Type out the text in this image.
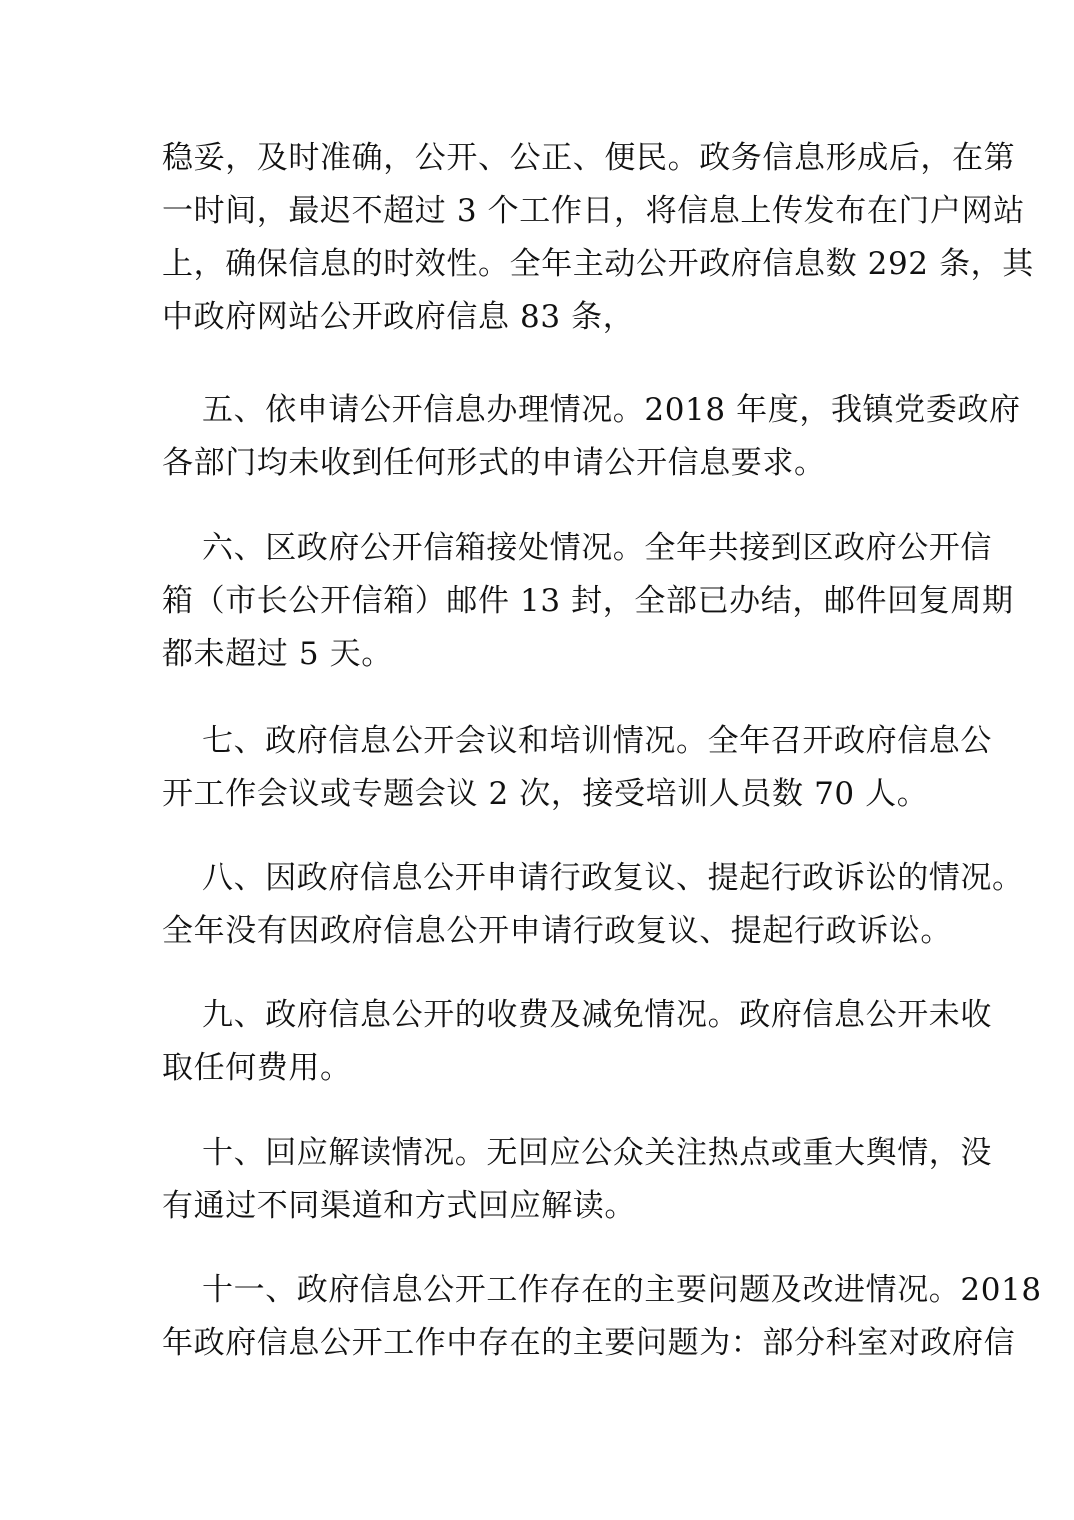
稳妥，及时准确，公开、公正、便民。政务信息形成后，在第
一时间，最迟不超过 3 个工作日，将信息上传发布在门户网站
上，确保信息的时效性。全年主动公开政府信息数 292 条，其
中政府网站公开政府信息 83 条，
五、依申请公开信息办理情况。2018 年度，我镇党委政府
各部门均未收到任何形式的申请公开信息要求。
六、区政府公开信箱接处情况。全年共接到区政府公开信
箱（市长公开信箱）邮件 13 封，全部已办结，邮件回复周期
都未超过 5 天。
七、政府信息公开会议和培训情况。全年召开政府信息公
开工作会议或专题会议 2 次，接受培训人员数 70 人。
八、因政府信息公开申请行政复议、提起行政诉讼的情况。
全年没有因政府信息公开申请行政复议、提起行政诉讼。
九、政府信息公开的收费及减免情况。政府信息公开未收
取任何费用。
十、回应解读情况。无回应公众关注热点或重大舆情，没
有通过不同渠道和方式回应解读。
十一、政府信息公开工作存在的主要问题及改进情况。2018
年政府信息公开工作中存在的主要问题为：部分科室对政府信
